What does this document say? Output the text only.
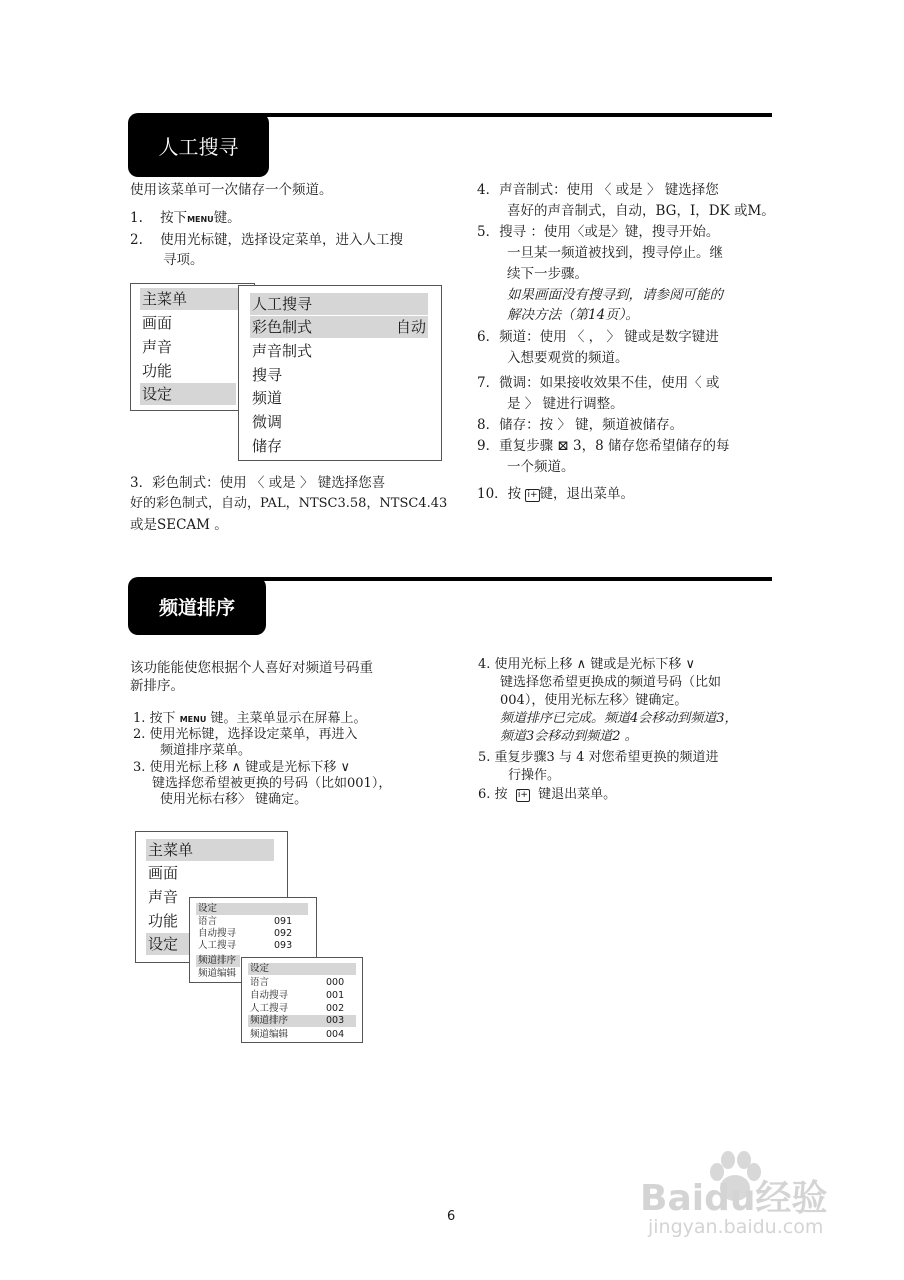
人工搜寻
使用该菜单可一次储存一个频道。
1. 按下MENU键。
2. 使用光标键，选择设定菜单，进入人工搜
寻项。
主菜单
画面
声音
功能
设定
人工搜寻
彩色制式	自动
声音制式
搜寻
频道
微调
储存
3．彩色制式：使用 〈 或是 〉 键选择您喜
好的彩色制式，自动，PAL，NTSC3.58，NTSC4.43
或是SECAM 。
4．声音制式：使用 〈 或是 〉 键选择您
喜好的声音制式，自动，BG，I，DK 或M。
5．搜寻 ：使用〈或是〉键，搜寻开始。
一旦某一频道被找到，搜寻停止。继
续下一步骤。
如果画面没有搜寻到，请参阅可能的
解决方法（第14页）。
6．频道：使用 〈 ， 〉 键或是数字键进
入想要观赏的频道。
7．微调：如果接收效果不佳，使用〈 或
是 〉 键进行调整。
8．储存：按 〉 键，频道被储存。
9．重复步骤 ⊠ 3，8 储存您希望储存的每
一个频道。
10．按 i+ 键，退出菜单。
频道排序
该功能能使您根据个人喜好对频道号码重
新排序。
1. 按下 MENU 键。主菜单显示在屏幕上。
2. 使用光标键，选择设定菜单，再进入
频道排序菜单。
3. 使用光标上移 ∧ 键或是光标下移 ∨
键选择您希望被更换的号码（比如001），
使用光标右移〉 键确定。
4. 使用光标上移 ∧ 键或是光标下移 ∨
键选择您希望更换成的频道号码（比如
004），使用光标左移〉键确定。
频道排序已完成。频道4会移动到频道3，
频道3会移动到频道2 。
5. 重复步骤3 与 4 对您希望更换的频道进
行操作。
6. 按  i+ 键退出菜单。
主菜单
画面
声音
功能
设定
设定
语言	091
自动搜寻	092
人工搜寻	093
频道排序
频道编辑 设定
语言	000
自动搜寻	001
人工搜寻	002
频道排序	003
频道编辑	004
6	Baidu经验
jingyan.baidu.com
